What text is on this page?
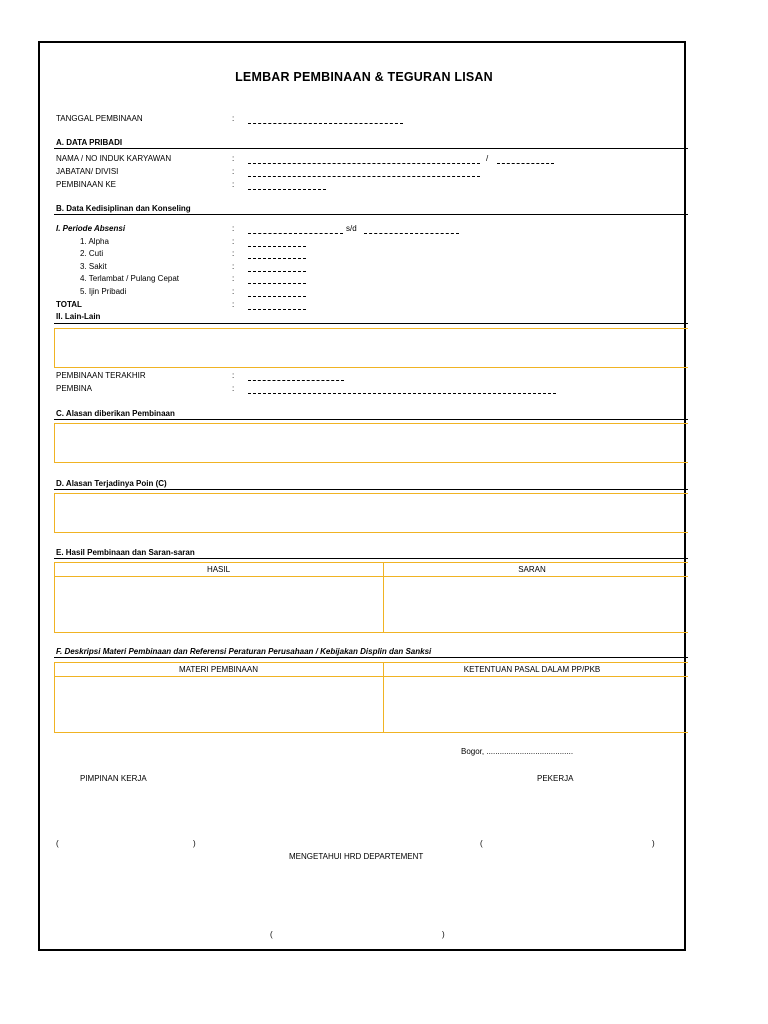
LEMBAR PEMBINAAN & TEGURAN LISAN
TANGGAL PEMBINAAN	:
A. DATA PRIBADI
NAMA / NO INDUK KARYAWAN	:	/
JABATAN/ DIVISI	:
PEMBINAAN KE	:
B. Data Kedisiplinan dan Konseling
I. Periode Absensi	:	s/d
1. Alpha	:
2. Cuti	:
3. Sakit	:
4. Terlambat / Pulang Cepat	:
5. Ijin Pribadi	:
TOTAL	:
II. Lain-Lain
PEMBINAAN TERAKHIR	:
PEMBINA	:
C. Alasan diberikan Pembinaan
D. Alasan Terjadinya Poin (C)
E. Hasil Pembinaan dan Saran-saran
HASIL	SARAN
F. Deskripsi Materi Pembinaan dan Referensi Peraturan Perusahaan / Kebijakan Displin dan Sanksi
MATERI PEMBINAAN	KETENTUAN PASAL DALAM PP/PKB
Bogor, .......................................
PIMPINAN KERJA	PEKERJA
(	)	(	)
MENGETAHUI HRD DEPARTEMENT
(	)
